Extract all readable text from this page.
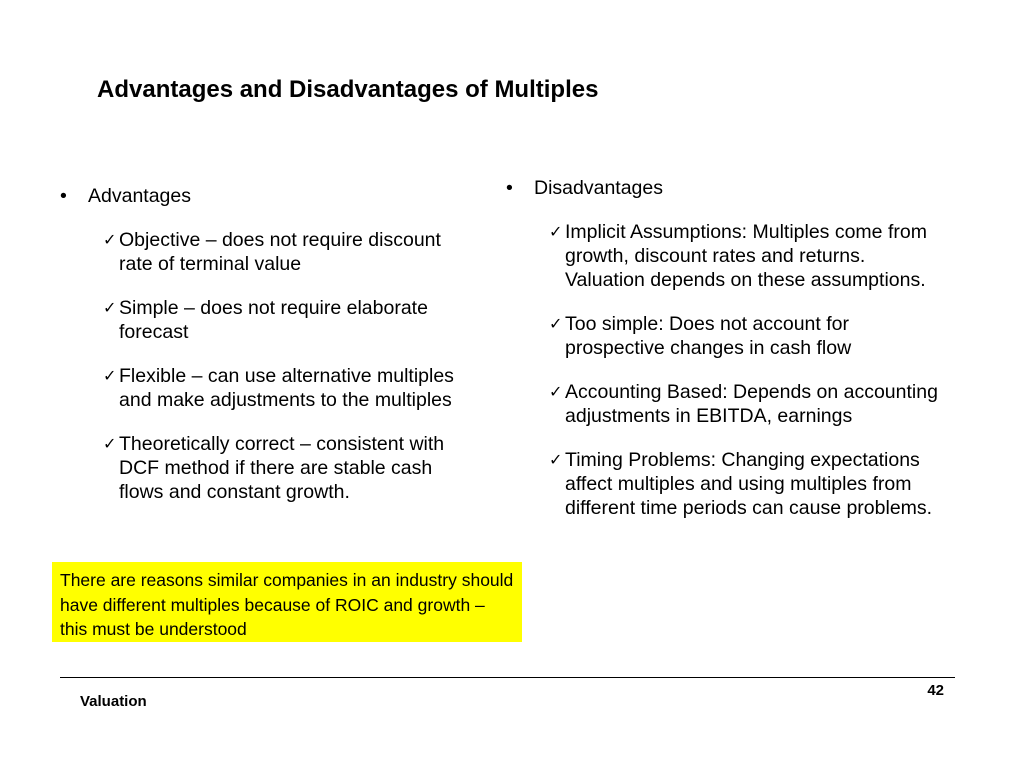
Advantages and Disadvantages of Multiples
• Advantages
✓ Objective – does not require discount rate of terminal value
✓ Simple – does not require elaborate forecast
✓ Flexible – can use alternative multiples and make adjustments to the multiples
✓ Theoretically correct – consistent with DCF method if there are stable cash flows and constant growth.
• Disadvantages
✓ Implicit Assumptions: Multiples come from growth, discount rates and returns. Valuation depends on these assumptions.
✓ Too simple: Does not account for prospective changes in cash flow
✓ Accounting Based: Depends on accounting adjustments in EBITDA, earnings
✓ Timing Problems: Changing expectations affect multiples and using multiples from different time periods can cause problems.
There are reasons similar companies in an industry should have different multiples because of ROIC and growth – this must be understood
Valuation
42
